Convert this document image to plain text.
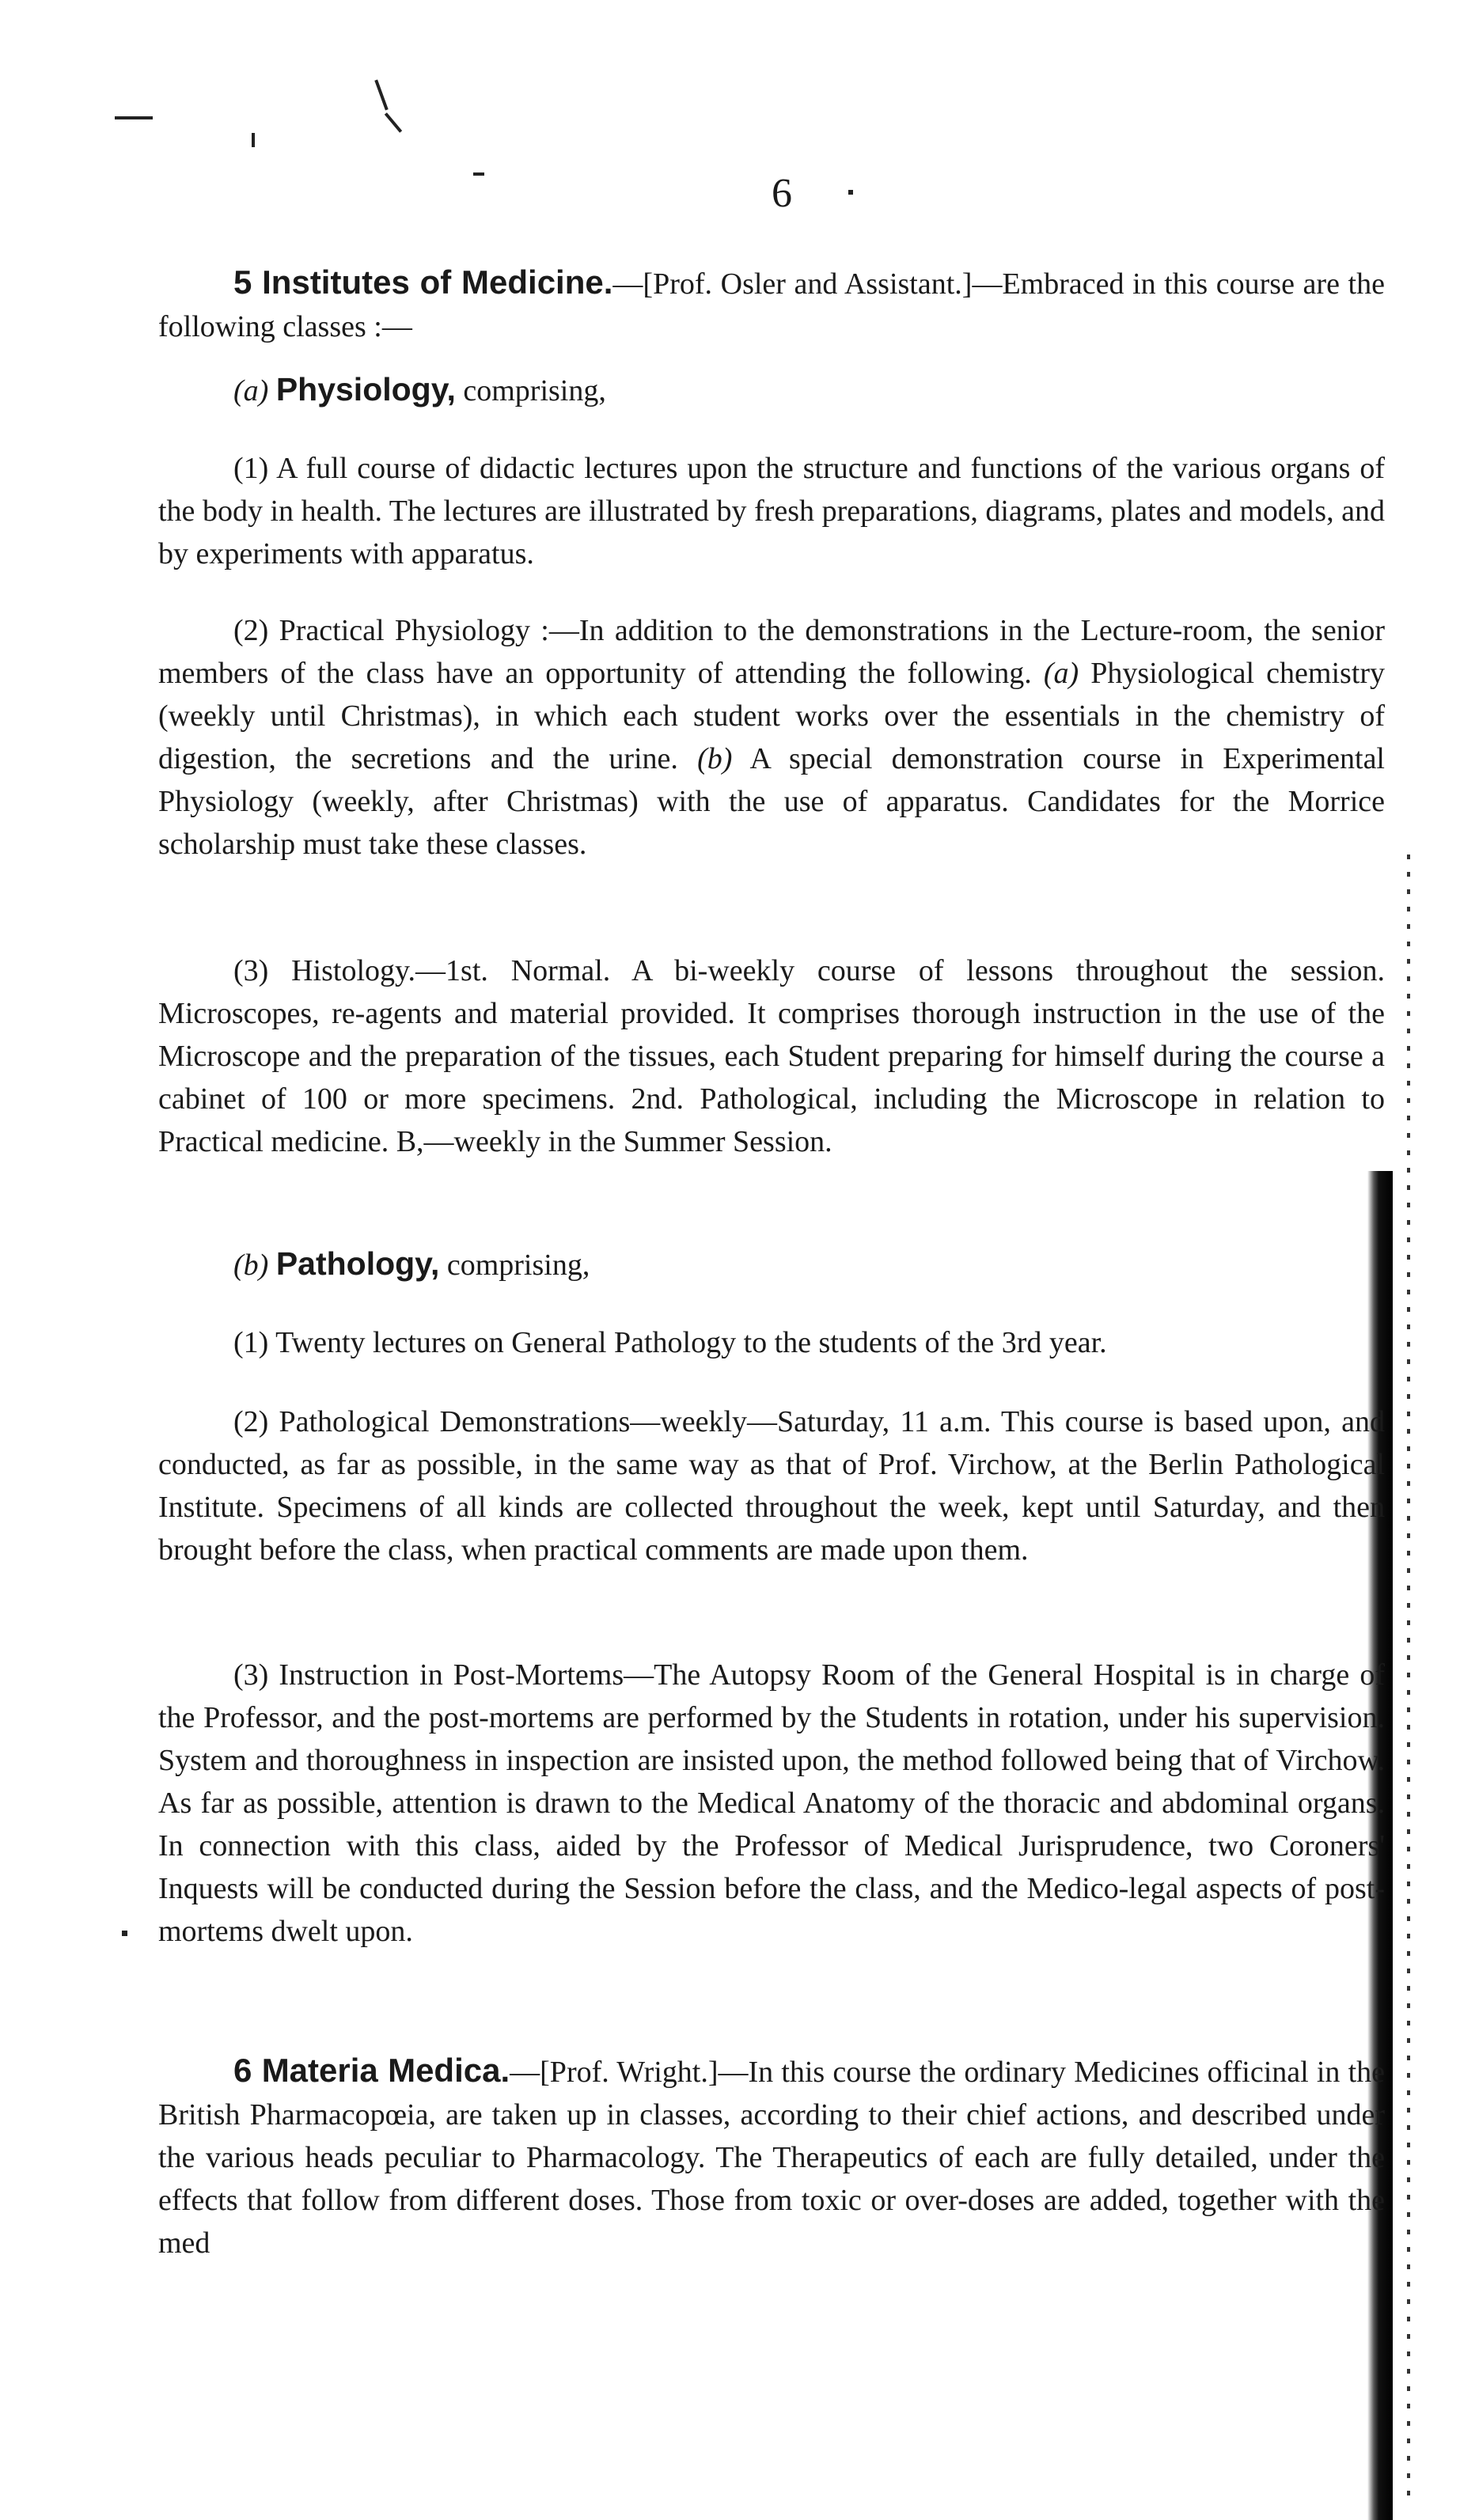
6

5 Institutes of Medicine.—[Prof. Osler and Assistant.]—Embraced in this course are the following classes :—

(a) Physiology, comprising,

(1) A full course of didactic lectures upon the structure and functions of the various organs of the body in health. The lectures are illustrated by fresh preparations, diagrams, plates and models, and by experiments with apparatus.

(2) Practical Physiology :—In addition to the demonstrations in the Lecture-room, the senior members of the class have an opportunity of attending the following. (a) Physiological chemistry (weekly until Christmas), in which each student works over the essentials in the chemistry of digestion, the secretions and the urine. (b) A special demonstration course in Experimental Physiology (weekly, after Christmas) with the use of apparatus. Candidates for the Morrice scholarship must take these classes.

(3) Histology.—1st. Normal. A bi-weekly course of lessons throughout the session. Microscopes, re-agents and material provided. It comprises thorough instruction in the use of the Microscope and the preparation of the tissues, each Student preparing for himself during the course a cabinet of 100 or more specimens. 2nd. Pathological, including the Microscope in relation to Practical medicine. B,—weekly in the Summer Session.

(b) Pathology, comprising,

(1) Twenty lectures on General Pathology to the students of the 3rd year.

(2) Pathological Demonstrations—weekly—Saturday, 11 a.m. This course is based upon, and conducted, as far as possible, in the same way as that of Prof. Virchow, at the Berlin Pathological Institute. Specimens of all kinds are collected throughout the week, kept until Saturday, and then brought before the class, when practical comments are made upon them.

(3) Instruction in Post-Mortems—The Autopsy Room of the General Hospital is in charge of the Professor, and the post-mortems are performed by the Students in rotation, under his supervision. System and thoroughness in inspection are insisted upon, the method followed being that of Virchow. As far as possible, attention is drawn to the Medical Anatomy of the thoracic and abdominal organs. In connection with this class, aided by the Professor of Medical Jurisprudence, two Coroners' Inquests will be conducted during the Session before the class, and the Medico-legal aspects of post-mortems dwelt upon.

6 Materia Medica.—[Prof. Wright.]—In this course the ordinary Medicines officinal in the British Pharmacopœia, are taken up in classes, according to their chief actions, and described under the various heads peculiar to Pharmacology. The Therapeutics of each are fully detailed, under the effects that follow from different doses. Those from toxic or over-doses are added, together with the med
